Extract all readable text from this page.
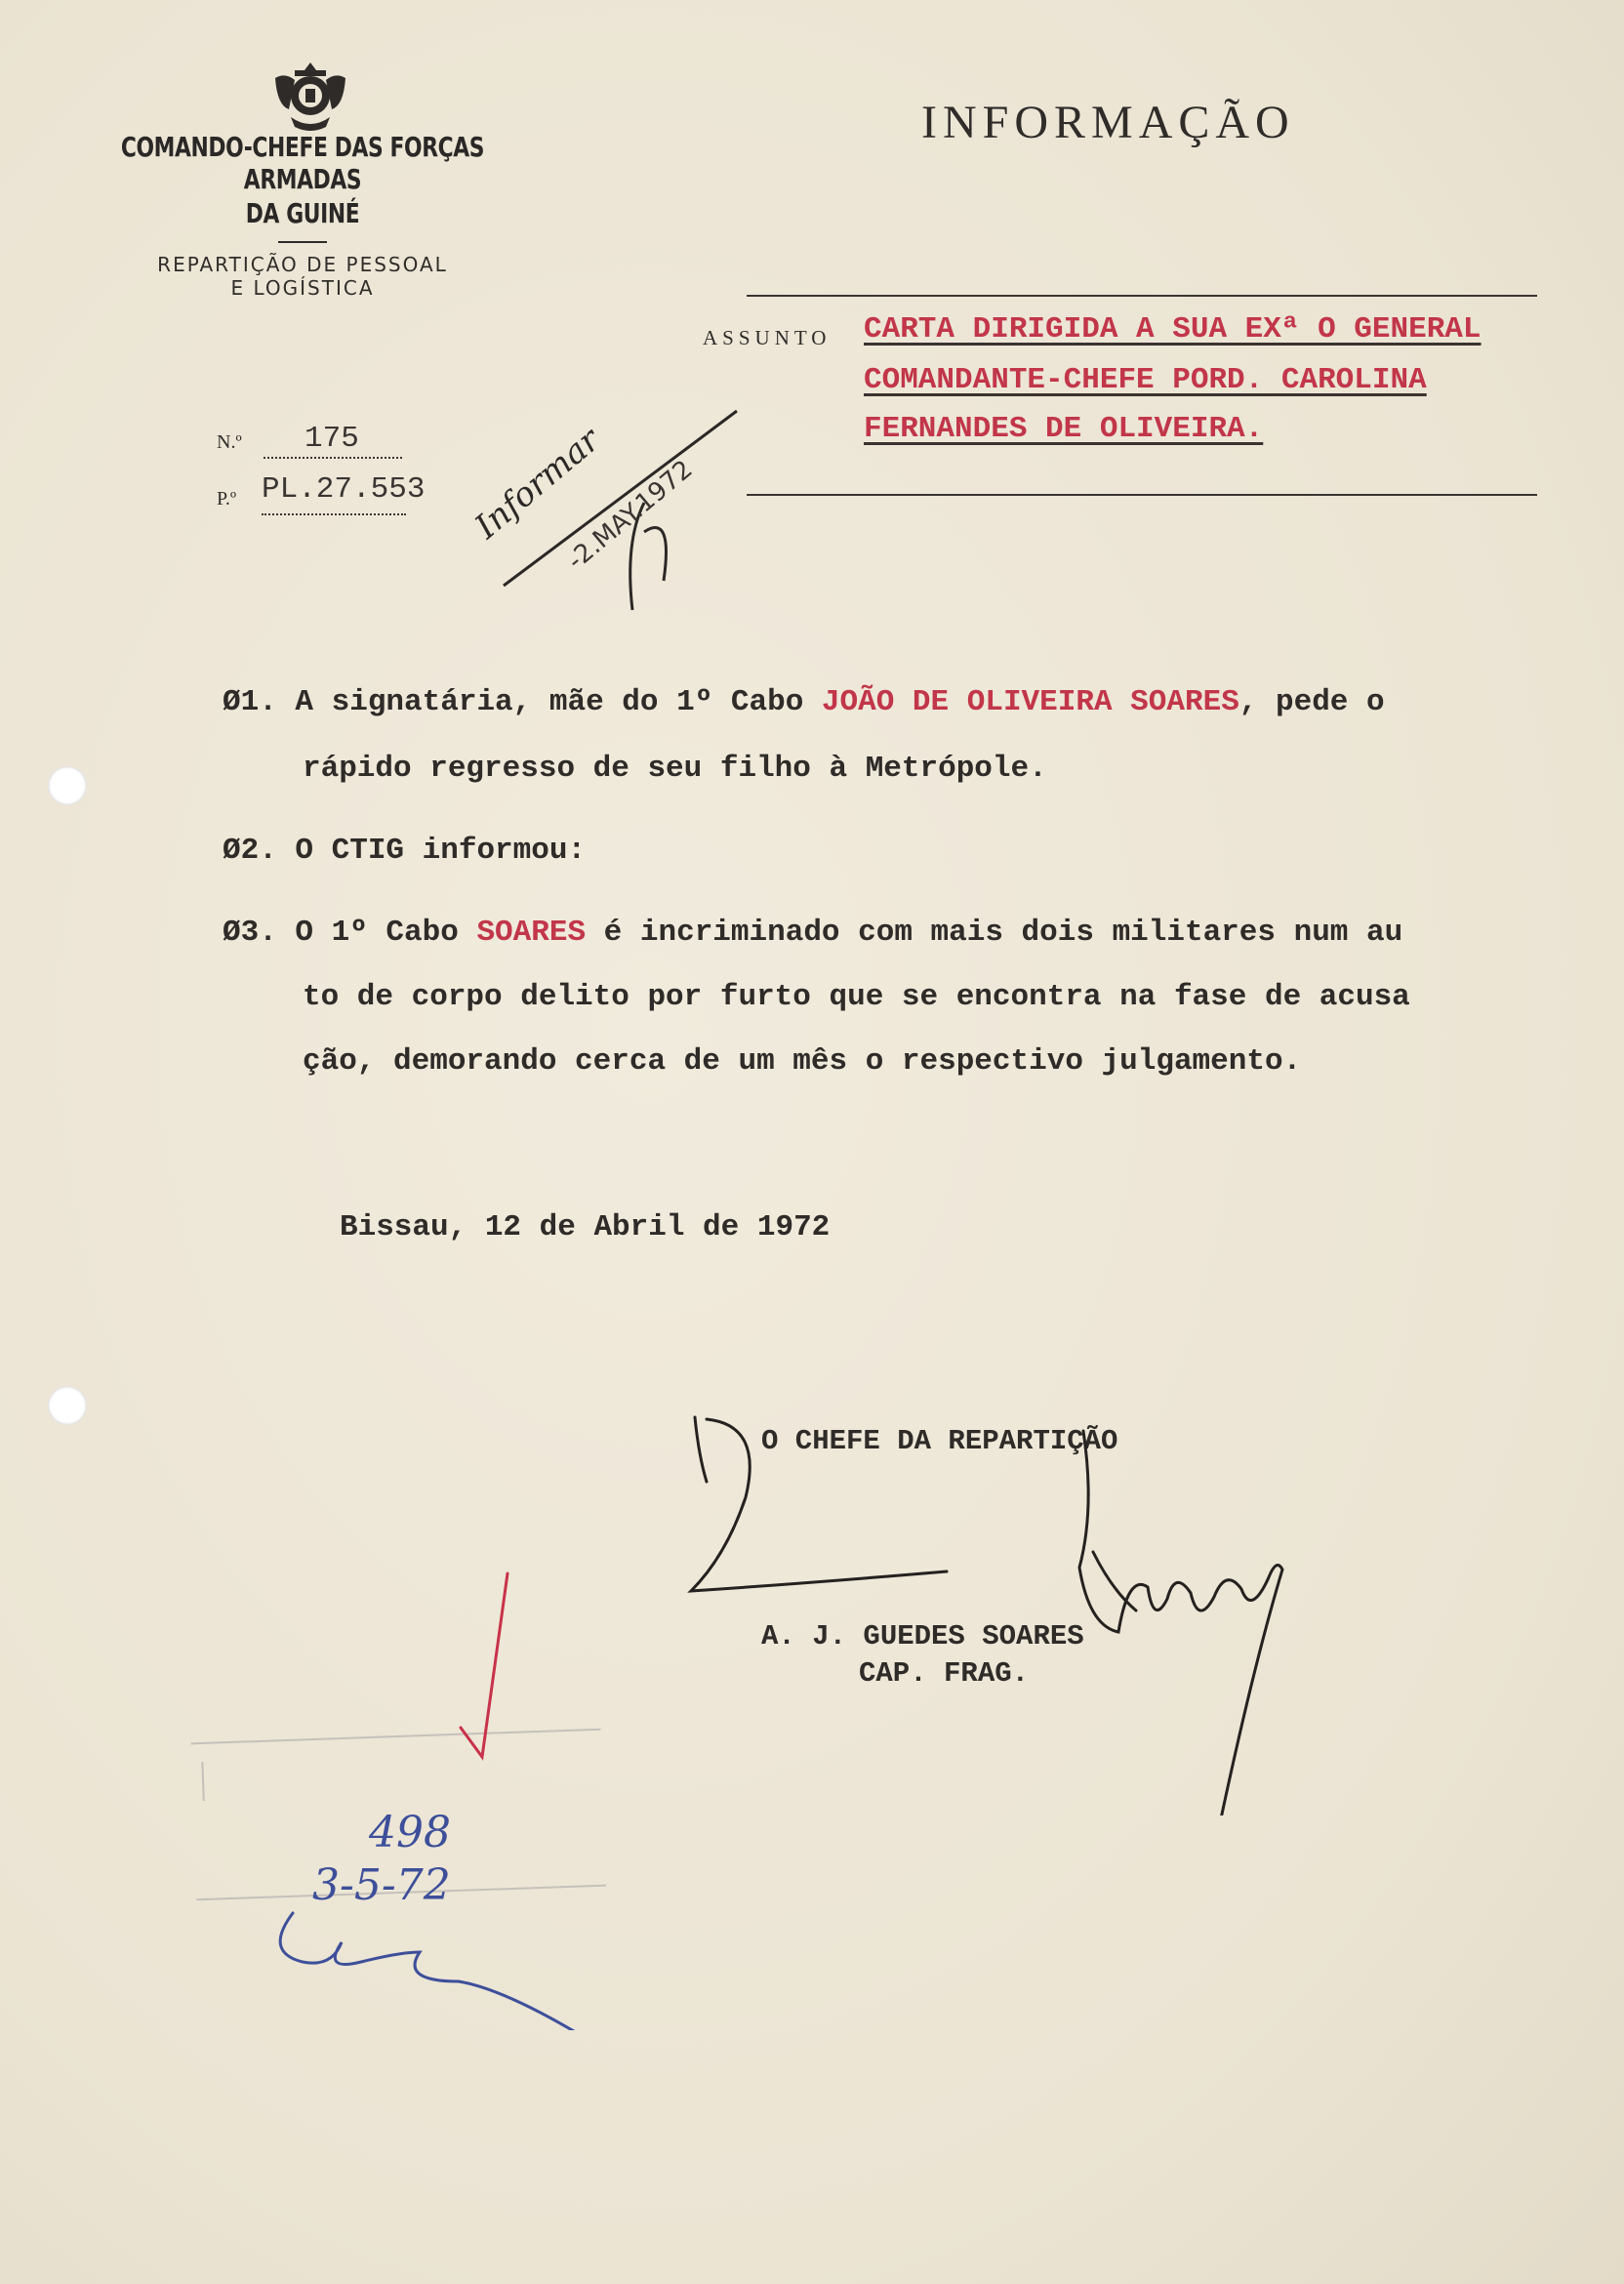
COMANDO-CHEFE DAS FORÇAS ARMADAS
DA GUINÉ
REPARTIÇÃO DE PESSOAL
E LOGÍSTICA
INFORMAÇÃO
ASSUNTO CARTA DIRIGIDA A SUA EXª O GENERAL
COMANDANTE-CHEFE PORD. CAROLINA
FERNANDES DE OLIVEIRA.
N.º 175
P.º PL.27.553 Informar
-2.MAY.1972
Ø1. A signatária, mãe do 1º Cabo JOÃO DE OLIVEIRA SOARES, pede o
rápido regresso de seu filho à Metrópole.
Ø2. O CTIG informou:
Ø3. O 1º Cabo SOARES é incriminado com mais dois militares num au
to de corpo delito por furto que se encontra na fase de acusa
ção, demorando cerca de um mês o respectivo julgamento.
Bissau, 12 de Abril de 1972
O CHEFE DA REPARTIÇÃO
A. J. GUEDES SOARES
CAP. FRAG.
498
3-5-72
